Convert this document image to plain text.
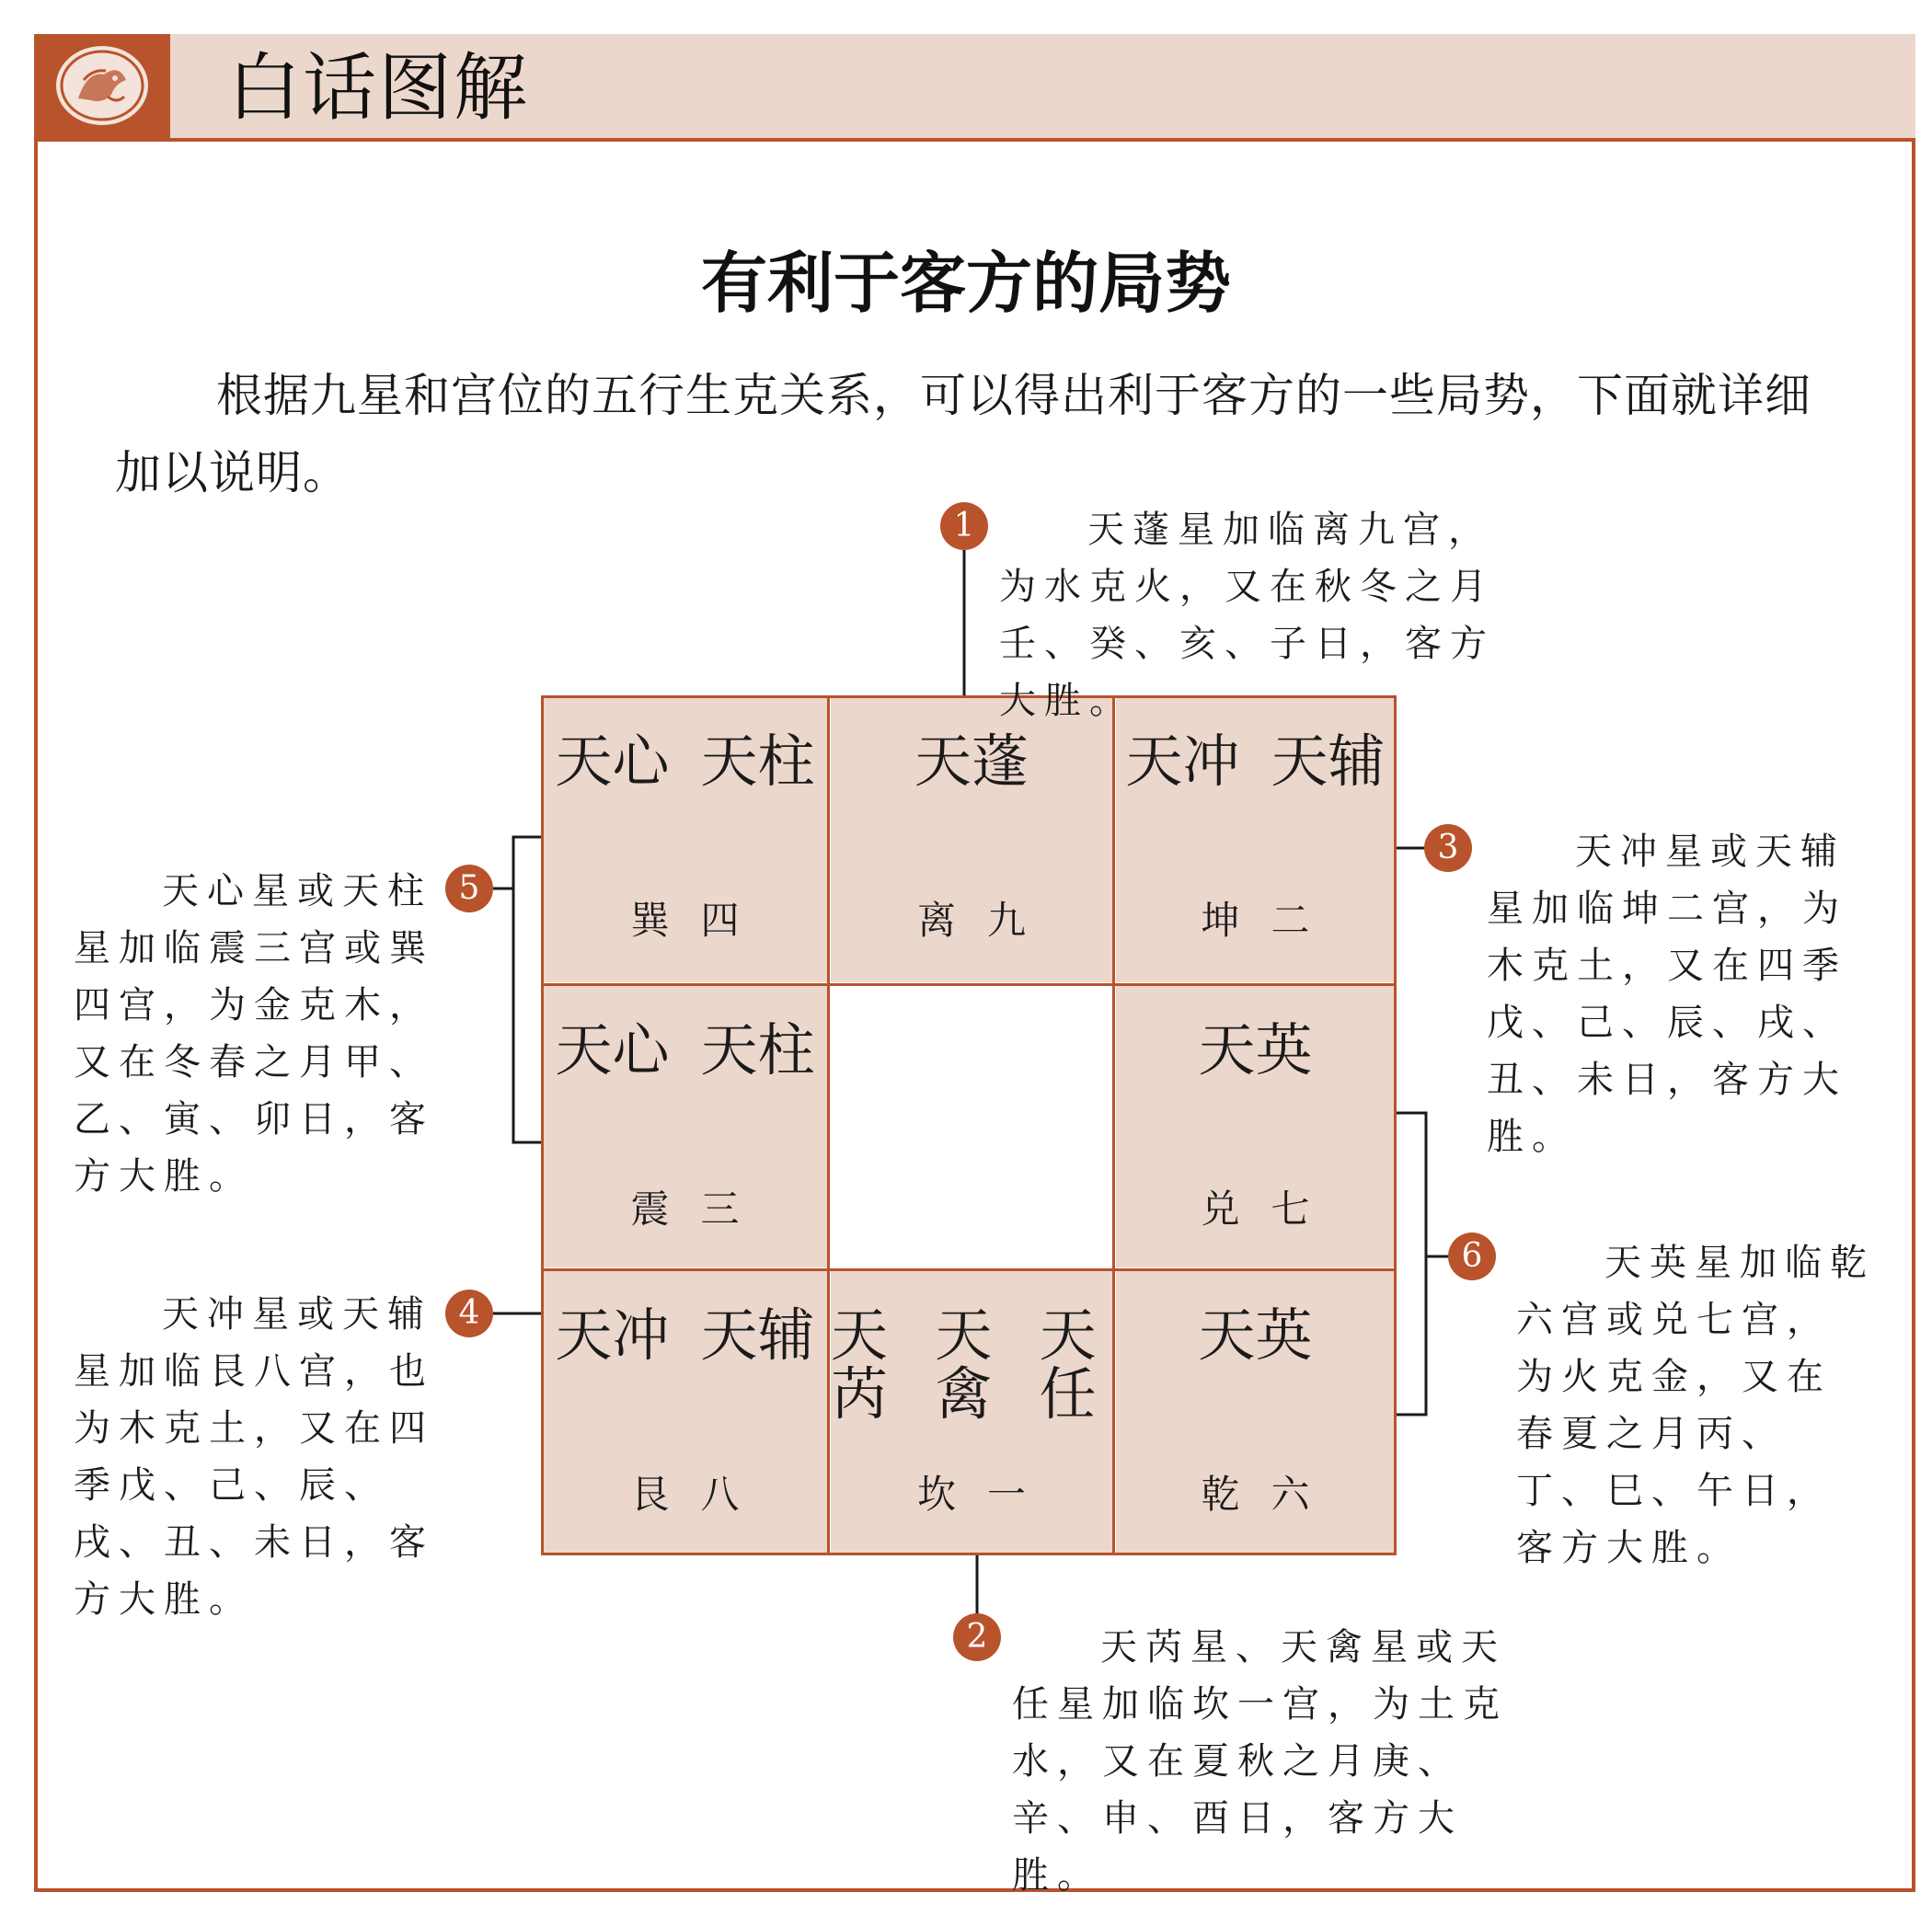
白话图解
有利于客方的局势
根据九星和宫位的五行生克关系，可以得出利于客方的一些局势，下面就详细加以说明。
天心 天柱
巽四
天蓬
离九
天冲 天辅
坤二
天心 天柱
震三
天英
兑七
天冲 天辅
艮八
天芮
天禽
天任
坎一
天英
乾六
1
2
3
4
5
6
天蓬星加临离九宫，为水克火，又在秋冬之月壬、癸、亥、子日，客方大胜。
天芮星、天禽星或天任星加临坎一宫，为土克水，又在夏秋之月庚、辛、申、酉日，客方大胜。
天冲星或天辅星加临坤二宫，为木克土，又在四季戊、己、辰、戌、丑、未日，客方大胜。
天冲星或天辅星加临艮八宫，也为木克土，又在四季戊、己、辰、戌、丑、未日，客方大胜。
天心星或天柱星加临震三宫或巽四宫，为金克木，又在冬春之月甲、乙、寅、卯日，客方大胜。
天英星加临乾六宫或兑七宫，为火克金，又在春夏之月丙、丁、巳、午日，客方大胜。
